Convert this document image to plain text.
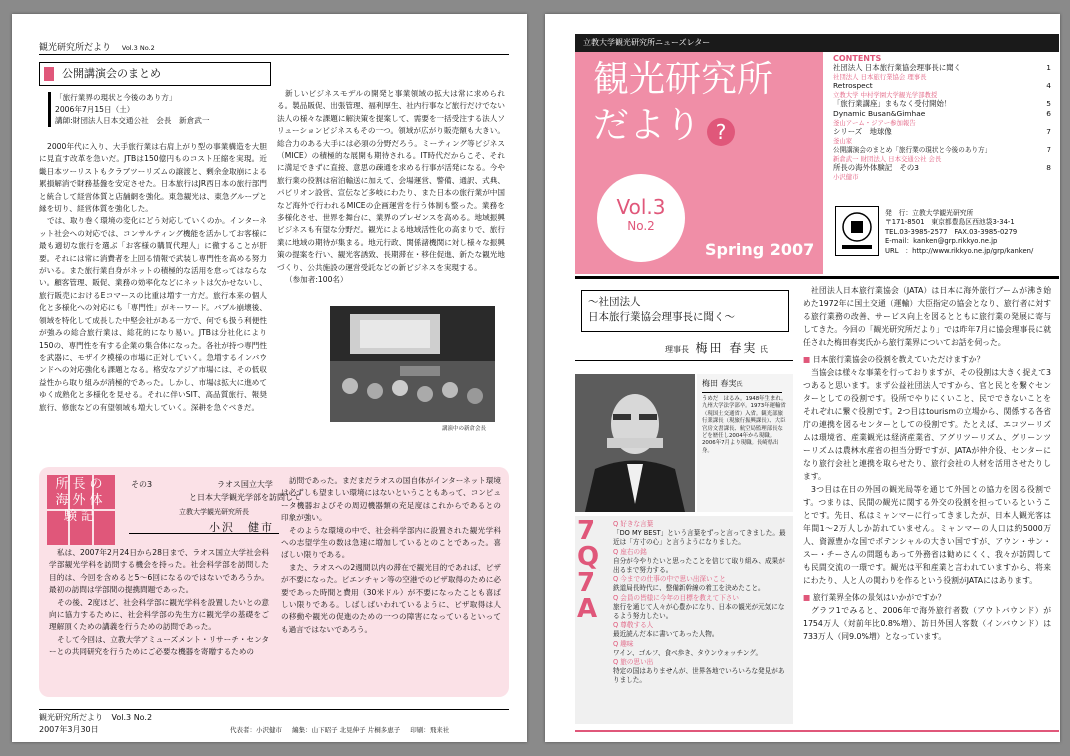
観光研究所だより Vol.3 No.2
公開講演会のまとめ
「旅行業界の現状と今後のあり方」
2006年7月15日（土）
講師:財団法人日本交通公社　会長　新倉武一

2000年代に入り、大手旅行業は右肩上がり型の事業構造を大胆に見直す改革を急いだ。JTBは150億円ものコスト圧縮を実現。近畿日本ツーリストもクラブツーリズムの譲渡と、剰余金取崩による累損解消で財務基盤を安定させた。日本旅行はJR西日本の旅行部門と統合して経営体質と店舗網を強化。東急観光は、東急グループと縁を切り、経営体質を強化した。

では、取り巻く環境の変化にどう対応していくのか。インターネット社会への対応では、コンサルティング機能を活かしてお客様に最も適切な旅行を選ぶ「お客様の購買代理人」に徹することが肝要。それには常に消費者を上回る情報で武装し専門性を高める努力がいる。また旅行業自身がネットの積極的な活用を怠ってはならない。顧客管理、販促、業務の効率化などにネットは欠かせないし、旅行販売におけるEコマースの比重は増す一方だ。旅行本来の個人化と多様化への対応にも「専門性」がキーワード。バブル崩壊後、領域を特化して成長した中堅会社がある一方で、何でも扱う利便性が強みの総合旅行業は、総花的になり易い。JTBは分社化により150の、専門性を有する企業の集合体になった。各社が持つ専門性を武器に、モザイク模様の市場に正対していく。急増するインバウンドへの対応強化も課題となる。格安なアジア市場には、その低収益性から取り組みが消極的であった。しかし、市場は拡大に進めてゆく成熟化と多様化を見せる。それに伴いSIT、高品質旅行、報奨旅行、修旅などの有望領域も増大していく。深耕を急ぐべきだ。

新しいビジネスモデルの開発と事業領域の拡大は常に求められる。製品販促、出張管理、福利厚生、社内行事など旅行だけでない法人の様々な課題に解決策を提案して、需要を一括受注する法人ソリューションビジネスもその一つ。領域が広がり販売額も大きい。総合力のある大手には必須の分野だろう。ミーティング等ビジネス（MICE）の積極的な展開も期待される。IT時代だからこそ、それに満足できずに直接、意思の疎通を求める行事が活発になる。今や旅行業の役割は宿泊輸送に加えて、会場運営、警備、通訳、式典、パビリオン設営、宣伝など多岐にわたり、また日本の旅行業が中国など海外で行われるMICEの企画運営を行う体制も整った。業務を多様化させ、世界を舞台に、業界のプレゼンスを高める。地域振興ビジネスも有望な分野だ。観光による地域活性化の高まりで、旅行業に地域の期待が集まる。地元行政、関係諸機関に対し様々な振興策の提案を行い、観光客誘致、長期滞在・移住促進、新たな観光地づくり、公共施設の運営受託などの新ビジネスを実現する。

（参加者:100名）

講演中の新倉会長
所長の海外体験記
その3	ラオス国立大学
と日本大学観光学部を訪問して
立教大学観光研究所長
小沢　健市

私は、2007年2月24日から28日まで、ラオス国立大学社会科学部観光学科を訪問する機会を持った。社会科学部を訪問した目的は、今回を含めると5～6回になるのではないであろうか。最初の訪問は学部間の提携問題であった。

その後、2度ほど、社会科学部に観光学科を設置したいとの意向に協力するために、社会科学部の先生方に観光学の基礎をご理解頂くための講義を行うための訪問であった。

そして今回は、立教大学アミューズメント・リサーチ・センターとの共同研究を行うためにご必要な機器を寄贈するための

訪問であった。まだまだラオスの国自体がインターネット環境は必ずしも望ましい環境にはないということもあって、コンピュータ機器およびその周辺機器類の充足度はこれからであるとの印象が強い。

そのような環境の中で、社会科学部内に設置された観光学科への志望学生の数は急速に増加しているとのことであった。喜ばしい限りである。

また、ラオスへの2週間以内の滞在で観光目的であれば、ビザが不要になった。ビエンチャン等の空港でのビザ取得のために必要であった時間と費用（30米ドル）が不要になったことも喜ばしい限りである。しばしばいわれているように、ビザ取得は人の移動や観光の促進のための一つの障害になっているといっても過言ではないであろう。

観光研究所だより Vol.3 No.2
2007年3月30日	代表者：小沢健市 編集：山下昭子 北見伸子 片桐多恵子 印刷：飛来社
立教大学観光研究所ニューズレター
観光研究所
だより ?
Vol.3
No.2
Spring 2007
CONTENTS
社団法人 日本旅行業協会理事長に聞く	1
社団法人 日本旅行業協会 理事長
Retrospect	4
立教大学 中村学園大学観光学部教授
「旅行業講座」まもなく受付開始！	5
Dynamic Busan&Gimhae	6
釜山アーム・ジアー参加報告
シリーズ　地球像	7
釜山家
公開講演会のまとめ「旅行業の現状と今後のあり方」	7
新倉武一 財団法人 日本交通公社 会長
所長の海外体験記　その3	8
小沢健市
発　行：立教大学観光研究所
〒171-8501　東京都豊島区西池袋3-34-1
TEL.03-3985-2577　FAX.03-3985-0279
E-mail：kanken@grp.rikkyo.ne.jp
URL　：http://www.rikkyo.ne.jp/grp/kanken/
～社団法人
日本旅行業協会理事長に聞く～
理事長 梅田 春実 氏
梅田 春実氏
うめだ　はるみ。1948年生まれ。九州大学法学部卒。1973年運輸省（現国土交通省）入省。観光部旅行業課長（現旅行振興課長）、大臣官房文書課長、航空局監理部長などを歴任し2004年から現職。2006年7月より現職。長崎県出身。
7Q7A
Q 好きな言葉
「DO MY BEST」という言葉をずっと言ってきました。最近は「方寸の心」と言うようになりました。
Q 座右の銘
自分が今やりたいと思ったことを信じて取り組み、成果が出るまで努力する。
Q 今までの仕事の中で思い出深いこと
鉄道局長時代に、整備新幹線の着工を決めたこと。
Q 会員の皆様に今年の目標を教えて下さい
旅行を通じて人々が心豊かになり、日本の観光が元気になるよう努力したい。
Q 尊敬する人
最近読んだ本に書いてあった人物。
Q 趣味
ワイン、ゴルフ、食べ歩き、タウンウォッチング。
Q 旅の思い出
特定の国はありませんが、世界各地でいろいろな発見がありました。

社団法人日本旅行業協会（JATA）は日本に海外旅行ブームが沸き始めた1972年に国土交通（運輸）大臣指定の協会となり、旅行者に対する旅行業務の改善、サービス向上を図るとともに旅行業の発展に寄与してきた。今回の「観光研究所だより」では昨年7月に協会理事長に就任された梅田春実氏から旅行業界についてお話を伺った。

■ 日本旅行業協会の役割を教えていただけますか？

当協会は様々な事業を行っておりますが、その役割は大きく捉えて3つあると思います。まず公益社団法人ですから、官と民とを繋ぐセンターとしての役割です。役所でやりにくいこと、民でできないことをそれぞれに繋ぐ役割です。2つ目はtourismの立場から、関係する各省庁の連携を図るセンターとしての役割です。たとえば、エコツーリズムは環境省、産業観光は経済産業省、アグリツーリズム、グリーンツーリズムは農林水産省の担当分野ですが、JATAが仲介役、センターになり旅行会社と連携を取らせたり、旅行会社の人材を活用させたりします。

3つ目は在日の外国の観光局等を通じて外国との協力を図る役割です。つまりは、民間の観光に関する外交の役割を担っているということです。先日、私はミャンマーに行ってきましたが、日本人観光客は年間1～2万人しか訪れていません。ミャンマーの人口は約5000万人、資源豊かな国でポテンシャルの大きい国ですが、アウン・サン・スー・チーさんの問題もあって外務省は勧めにくく、我々が訪問しても民間交流の一環です。観光は平和産業と言われていますから、将来にわたり、人と人の関わりを作るという役割がJATAにはあります。

■ 旅行業界全体の景気はいかがですか？

グラフ1でみると、2006年で海外旅行者数（アウトバウンド）が1754万人（対前年比0.8%増）、訪日外国人客数（インバウンド）は733万人（同9.0%増）となっています。
